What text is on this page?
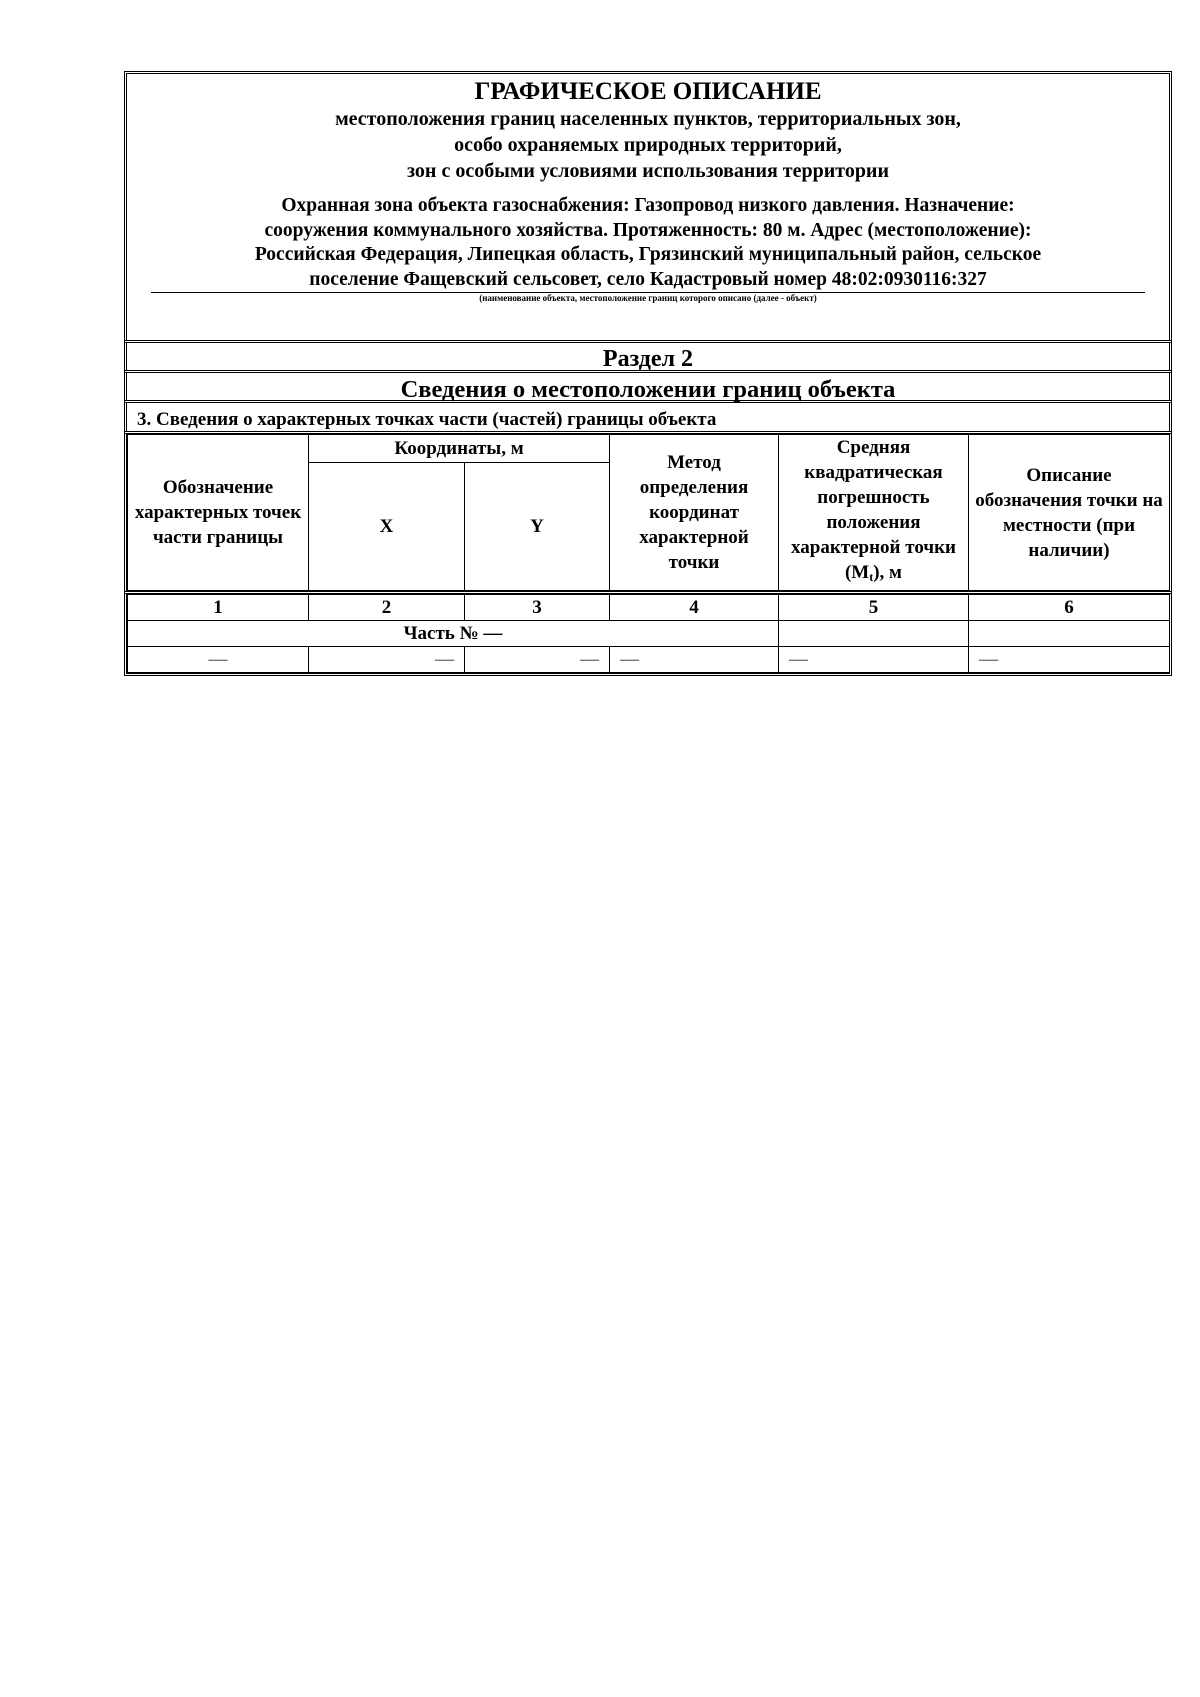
ГРАФИЧЕСКОЕ ОПИСАНИЕ
местоположения границ населенных пунктов, территориальных зон,
особо охраняемых природных территорий,
зон с особыми условиями использования территории
Охранная зона объекта газоснабжения: Газопровод низкого давления. Назначение:
сооружения коммунального хозяйства. Протяженность: 80 м. Адрес (местоположение):
Российская Федерация, Липецкая область, Грязинский муниципальный район, сельское
поселение Фащевский сельсовет, село Кадастровый номер 48:02:0930116:327
(наименование объекта, местоположение границ которого описано (далее - объект)
Раздел 2
Сведения о местоположении границ объекта
3. Сведения о характерных точках части (частей) границы объекта
Обозначение характерных точек части границы	Координаты, м		Метод определения координат характерной точки	Средняя квадратическая погрешность положения характерной точки (Mt), м	Описание обозначения точки на местности (при наличии)
	X	Y			
1	2	3	4	5	6
Часть № —					
—	—	—	—	—	—
